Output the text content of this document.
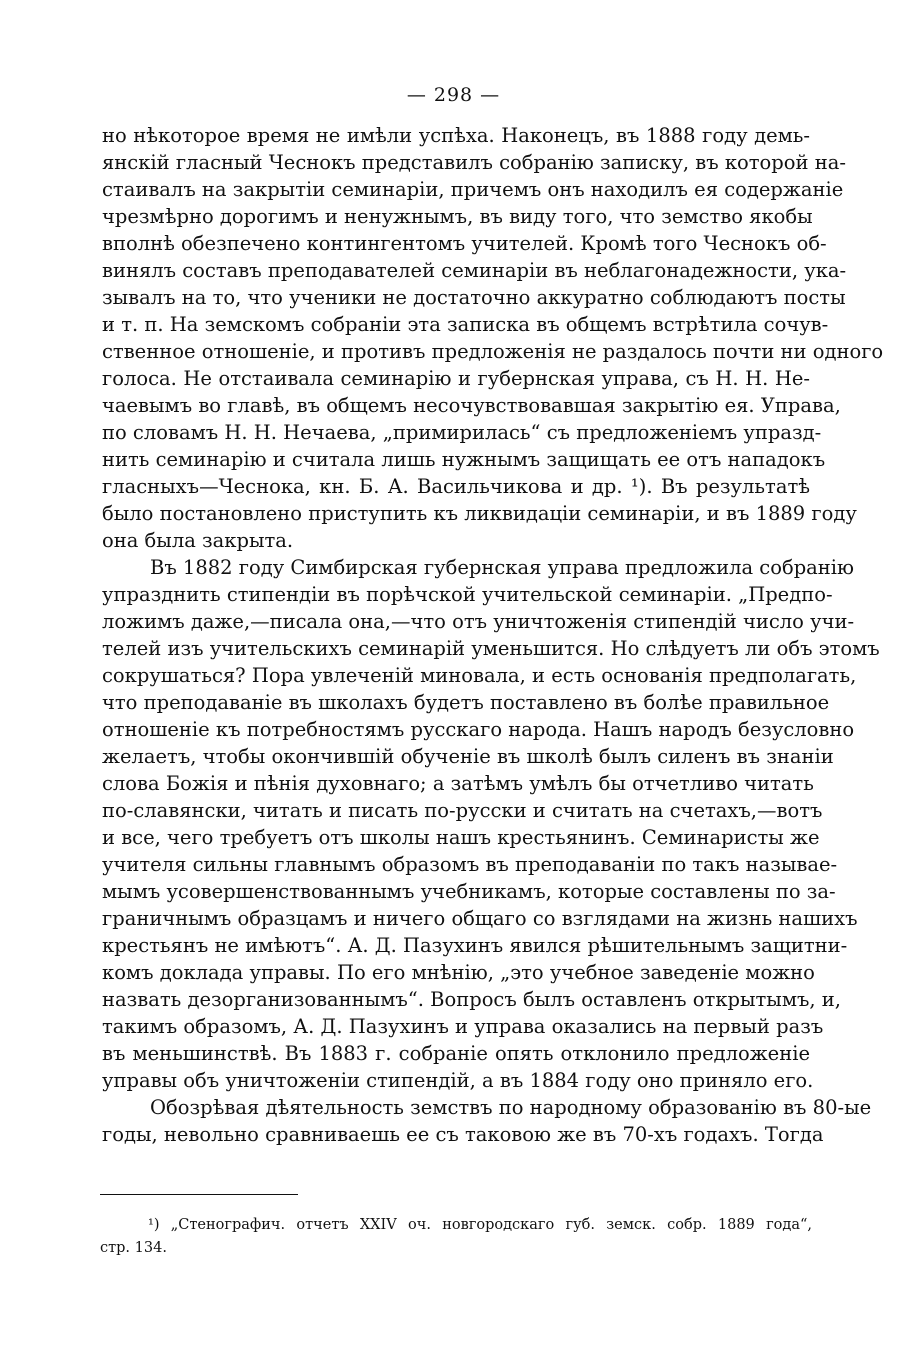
— 298 —
но нѣкоторое время не имѣли успѣха. Наконецъ, въ 1888 году демь-
янскій гласный Чеснокъ представилъ собранію записку, въ которой на-
стаивалъ на закрытіи семинаріи, причемъ онъ находилъ ея содержаніе
чрезмѣрно дорогимъ и ненужнымъ, въ виду того, что земство якобы
вполнѣ обезпечено контингентомъ учителей. Кромѣ того Чеснокъ об-
винялъ составъ преподавателей семинаріи въ неблагонадежности, ука-
зывалъ на то, что ученики не достаточно аккуратно соблюдаютъ посты
и т. п. На земскомъ собраніи эта записка въ общемъ встрѣтила сочув-
ственное отношеніе, и противъ предложенія не раздалось почти ни одного
голоса. Не отстаивала семинарію и губернская управа, съ Н. Н. Не-
чаевымъ во главѣ, въ общемъ несочувствовавшая закрытію ея. Управа,
по словамъ Н. Н. Нечаева, „примирилась“ съ предложеніемъ упразд-
нить семинарію и считала лишь нужнымъ защищать ее отъ нападокъ
гласныхъ—Чеснока, кн. Б. А. Васильчикова и др. ¹). Въ результатѣ
было постановлено приступить къ ликвидаціи семинаріи, и въ 1889 году
она была закрыта.
Въ 1882 году Симбирская губернская управа предложила собранію
упразднить стипендіи въ порѣчской учительской семинаріи. „Предпо-
ложимъ даже,—писала она,—что отъ уничтоженія стипендій число учи-
телей изъ учительскихъ семинарій уменьшится. Но слѣдуетъ ли объ этомъ
сокрушаться? Пора увлеченій миновала, и есть основанія предполагать,
что преподаваніе въ школахъ будетъ поставлено въ болѣе правильное
отношеніе къ потребностямъ русскаго народа. Нашъ народъ безусловно
желаетъ, чтобы окончившій обученіе въ школѣ былъ силенъ въ знаніи
слова Божія и пѣнія духовнаго; а затѣмъ умѣлъ бы отчетливо читать
по-славянски, читать и писать по-русски и считать на счетахъ,—вотъ
и все, чего требуетъ отъ школы нашъ крестьянинъ. Семинаристы же
учителя сильны главнымъ образомъ въ преподаваніи по такъ называе-
мымъ усовершенствованнымъ учебникамъ, которые составлены по за-
граничнымъ образцамъ и ничего общаго со взглядами на жизнь нашихъ
крестьянъ не имѣютъ“. А. Д. Пазухинъ явился рѣшительнымъ защитни-
комъ доклада управы. По его мнѣнію, „это учебное заведеніе можно
назвать дезорганизованнымъ“. Вопросъ былъ оставленъ открытымъ, и,
такимъ образомъ, А. Д. Пазухинъ и управа оказались на первый разъ
въ меньшинствѣ. Въ 1883 г. собраніе опять отклонило предложеніе
управы объ уничтоженіи стипендій, а въ 1884 году оно приняло его.
Обозрѣвая дѣятельность земствъ по народному образованію въ 80-ые
годы, невольно сравниваешь ее съ таковою же въ 70-хъ годахъ. Тогда
¹) „Стенографич. отчетъ XXIV оч. новгородскаго губ. земск. собр. 1889 года“,
стр. 134.
